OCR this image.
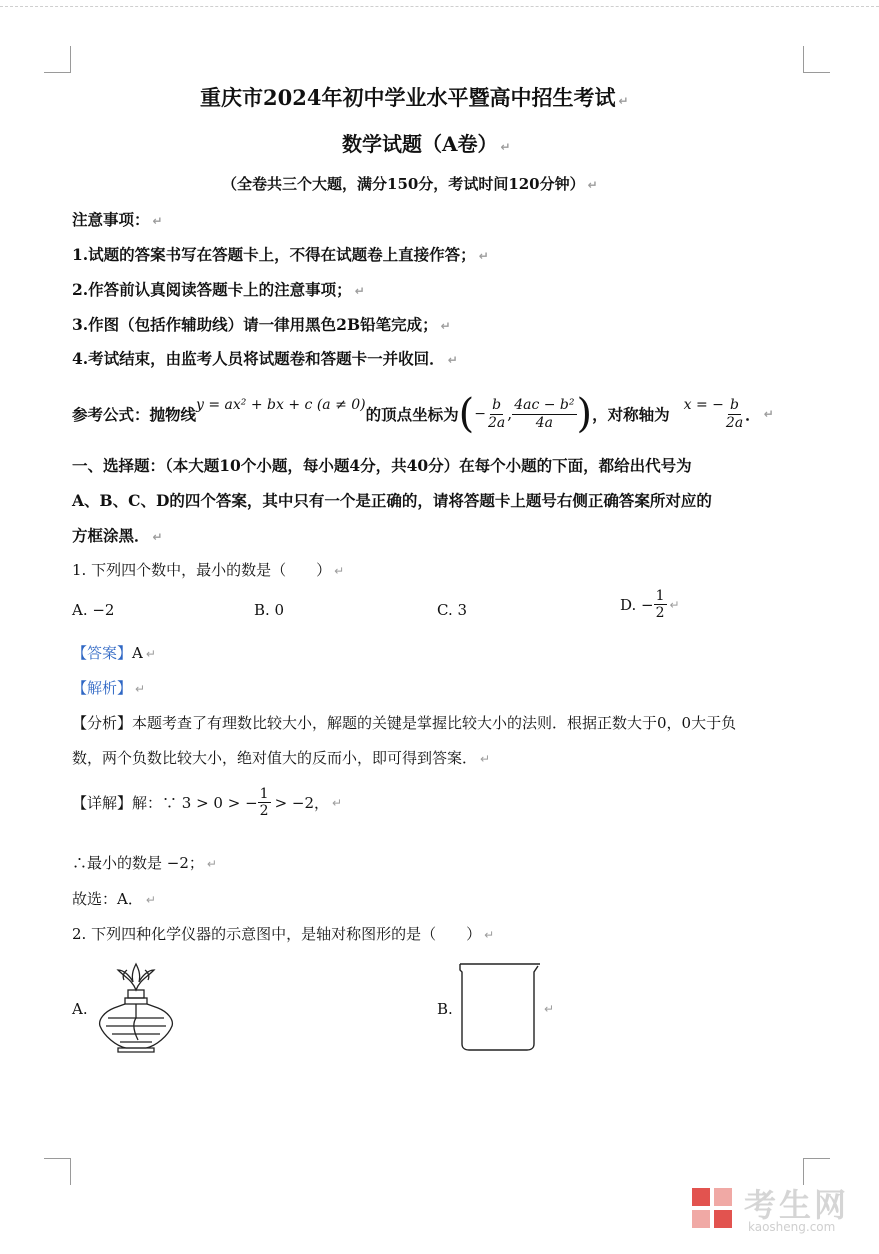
重庆市2024年初中学业水平暨高中招生考试 ↵
数学试题（A卷） ↵
（全卷共三个大题，满分150分，考试时间120分钟） ↵
注意事项： ↵
1.试题的答案书写在答题卡上，不得在试题卷上直接作答； ↵
2.作答前认真阅读答题卡上的注意事项； ↵
3.作图（包括作辅助线）请一律用黑色2B铅笔完成； ↵
4.考试结束，由监考人员将试题卷和答题卡一并收回． ↵
参考公式：抛物线 y = ax² + bx + c (a ≠ 0) 的顶点坐标为 ( − $\frac{b}{2a}$ , $\frac{\text{4ac − b²}}{4a}$ ) ，对称轴为 x = − $\frac{b}{2a}$ ． ↵
一、选择题：（本大题10个小题，每小题4分，共40分）在每个小题的下面，都给出代号为
A、B、C、D的四个答案，其中只有一个是正确的，请将答题卡上题号右侧正确答案所对应的
方框涂黑． ↵
1. 下列四个数中，最小的数是（　　） ↵
A. −2	B. 0	C. 3	D. − $\frac{1}{2}$ ↵
【答案】A ↵
【解析】 ↵
【分析】本题考查了有理数比较大小，解题的关键是掌握比较大小的法则．根据正数大于0，0大于负
数，两个负数比较大小，绝对值大的反而小，即可得到答案． ↵
【详解】解：∵ 3 > 0 > − $\frac{1}{2} > -2$， ↵
∴最小的数是 −2； ↵
故选：A． ↵
2. 下列四种化学仪器的示意图中，是轴对称图形的是（　　） ↵
A.	B.	↵
考生网
kaosheng.com
